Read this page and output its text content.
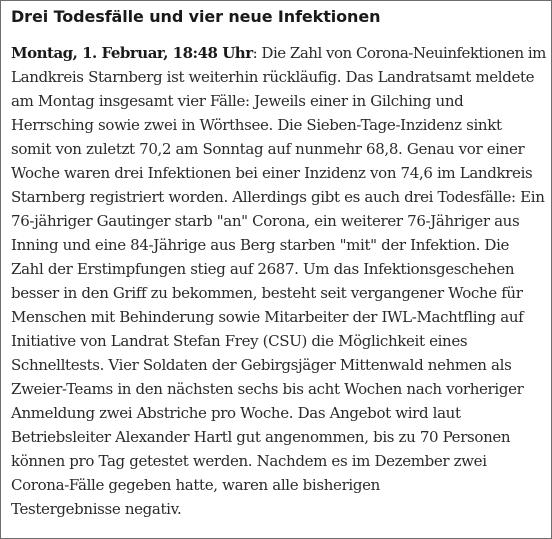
Drei Todesfälle und vier neue Infektionen
Montag, 1. Februar, 18:48 Uhr: Die Zahl von Corona-Neuinfektionen im
Landkreis Starnberg ist weiterhin rückläufig. Das Landratsamt meldete
am Montag insgesamt vier Fälle: Jeweils einer in Gilching und
Herrsching sowie zwei in Wörthsee. Die Sieben-Tage-Inzidenz sinkt
somit von zuletzt 70,2 am Sonntag auf nunmehr 68,8. Genau vor einer
Woche waren drei Infektionen bei einer Inzidenz von 74,6 im Landkreis
Starnberg registriert worden. Allerdings gibt es auch drei Todesfälle: Ein
76-jähriger Gautinger starb "an" Corona, ein weiterer 76-Jähriger aus
Inning und eine 84-Jährige aus Berg starben "mit" der Infektion. Die
Zahl der Erstimpfungen stieg auf 2687. Um das Infektionsgeschehen
besser in den Griff zu bekommen, besteht seit vergangener Woche für
Menschen mit Behinderung sowie Mitarbeiter der IWL-Machtfling auf
Initiative von Landrat Stefan Frey (CSU) die Möglichkeit eines
Schnelltests. Vier Soldaten der Gebirgsjäger Mittenwald nehmen als
Zweier-Teams in den nächsten sechs bis acht Wochen nach vorheriger
Anmeldung zwei Abstriche pro Woche. Das Angebot wird laut
Betriebsleiter Alexander Hartl gut angenommen, bis zu 70 Personen
können pro Tag getestet werden. Nachdem es im Dezember zwei
Corona-Fälle gegeben hatte, waren alle bisherigen
Testergebnisse negativ.
